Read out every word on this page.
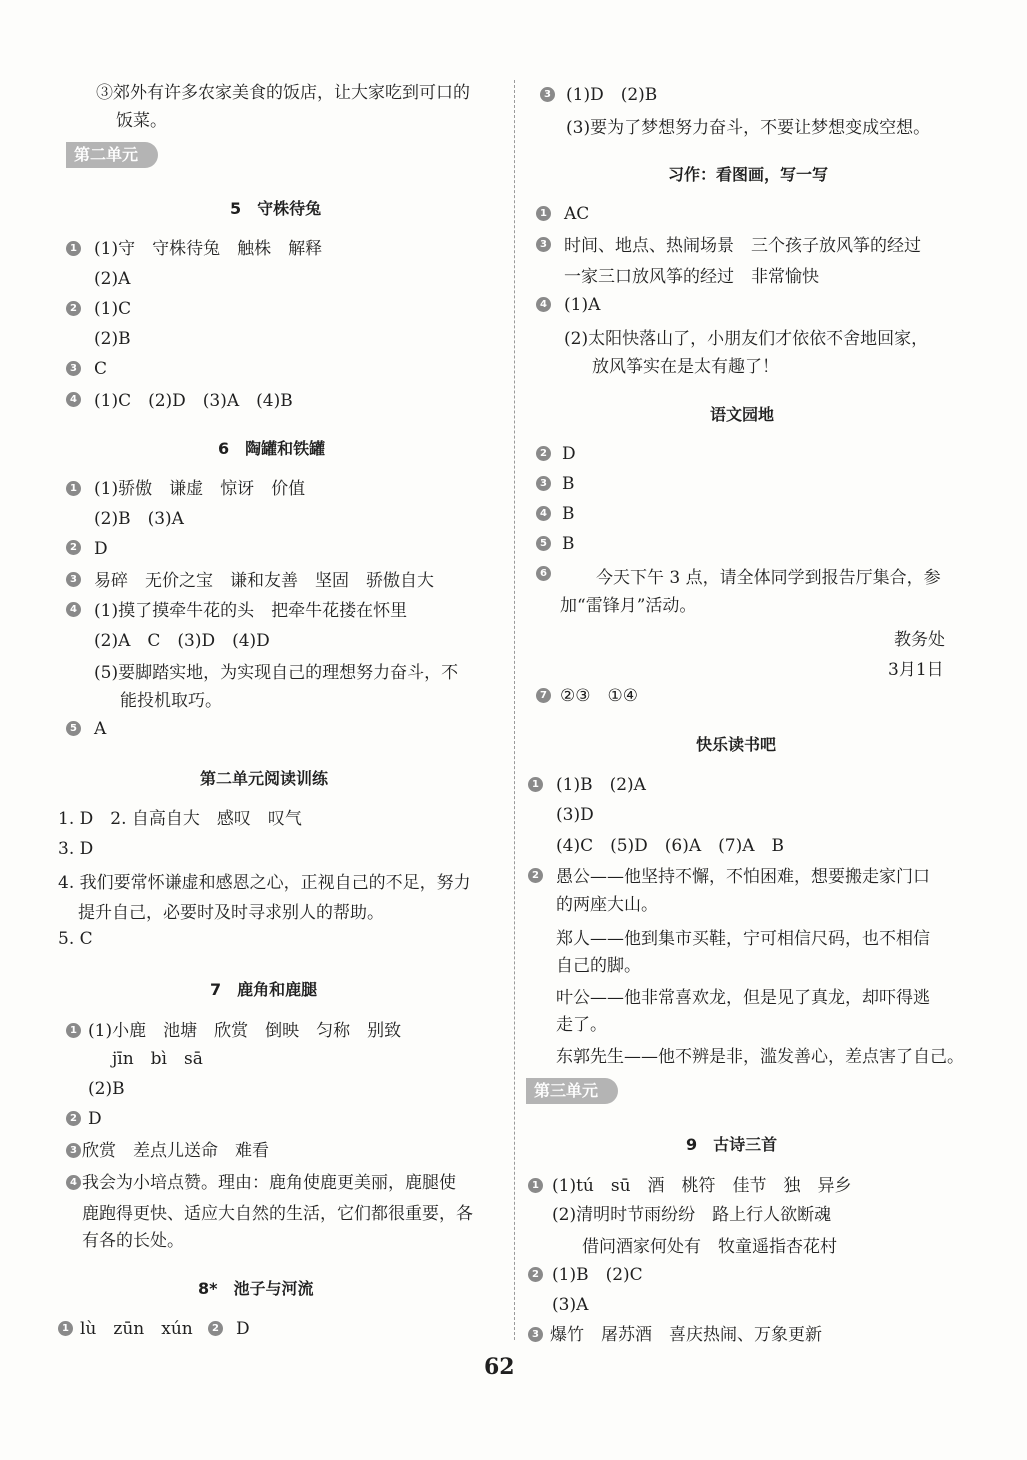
③郊外有许多农家美食的饭店，让大家吃到可口的
饭菜。
第二单元
5　守株待兔
1 (1)守　守株待兔　触株　解释
(2)A
2 (1)C
(2)B
3 C
4 (1)C　(2)D　(3)A　(4)B
6　陶罐和铁罐
1 (1)骄傲　谦虚　惊讶　价值
(2)B　(3)A
2 D
3 易碎　无价之宝　谦和友善　坚固　骄傲自大
4 (1)摸了摸牵牛花的头　把牵牛花搂在怀里
(2)A　C　(3)D　(4)D
(5)要脚踏实地，为实现自己的理想努力奋斗，不
能投机取巧。
5 A
第二单元阅读训练
1. D　2. 自高自大　感叹　叹气
3. D
4. 我们要常怀谦虚和感恩之心，正视自己的不足，努力
提升自己，必要时及时寻求别人的帮助。
5. C
7　鹿角和鹿腿
1 (1)小鹿　池塘　欣赏　倒映　匀称　别致
jīn　bì　sā
(2)B
2 D
3 欣赏　差点儿送命　难看
4 我会为小培点赞。理由：鹿角使鹿更美丽，鹿腿使
鹿跑得更快、适应大自然的生活，它们都很重要，各
有各的长处。
8*　池子与河流
1 lù　zūn　xún	2 D
3 (1)D　(2)B
(3)要为了梦想努力奋斗，不要让梦想变成空想。
习作：看图画，写一写
1 AC
3 时间、地点、热闹场景　三个孩子放风筝的经过
一家三口放风筝的经过　非常愉快
4 (1)A
(2)太阳快落山了，小朋友们才依依不舍地回家，
放风筝实在是太有趣了！
语文园地
2 D
3 B
4 B
5 B
6	今天下午 3 点，请全体同学到报告厅集合，参
加“雷锋月”活动。
教务处
3月1日
7 ②③　①④
快乐读书吧
1 (1)B　(2)A
(3)D
(4)C　(5)D　(6)A　(7)A　B
2 愚公——他坚持不懈，不怕困难，想要搬走家门口
的两座大山。
郑人——他到集市买鞋，宁可相信尺码，也不相信
自己的脚。
叶公——他非常喜欢龙，但是见了真龙，却吓得逃
走了。
东郭先生——他不辨是非，滥发善心，差点害了自己。
第三单元
9　古诗三首
1 (1)tú　sū　酒　桃符　佳节　独　异乡
(2)清明时节雨纷纷　路上行人欲断魂
借问酒家何处有　牧童遥指杏花村
2 (1)B　(2)C
(3)A
3 爆竹　屠苏酒　喜庆热闹、万象更新
62
